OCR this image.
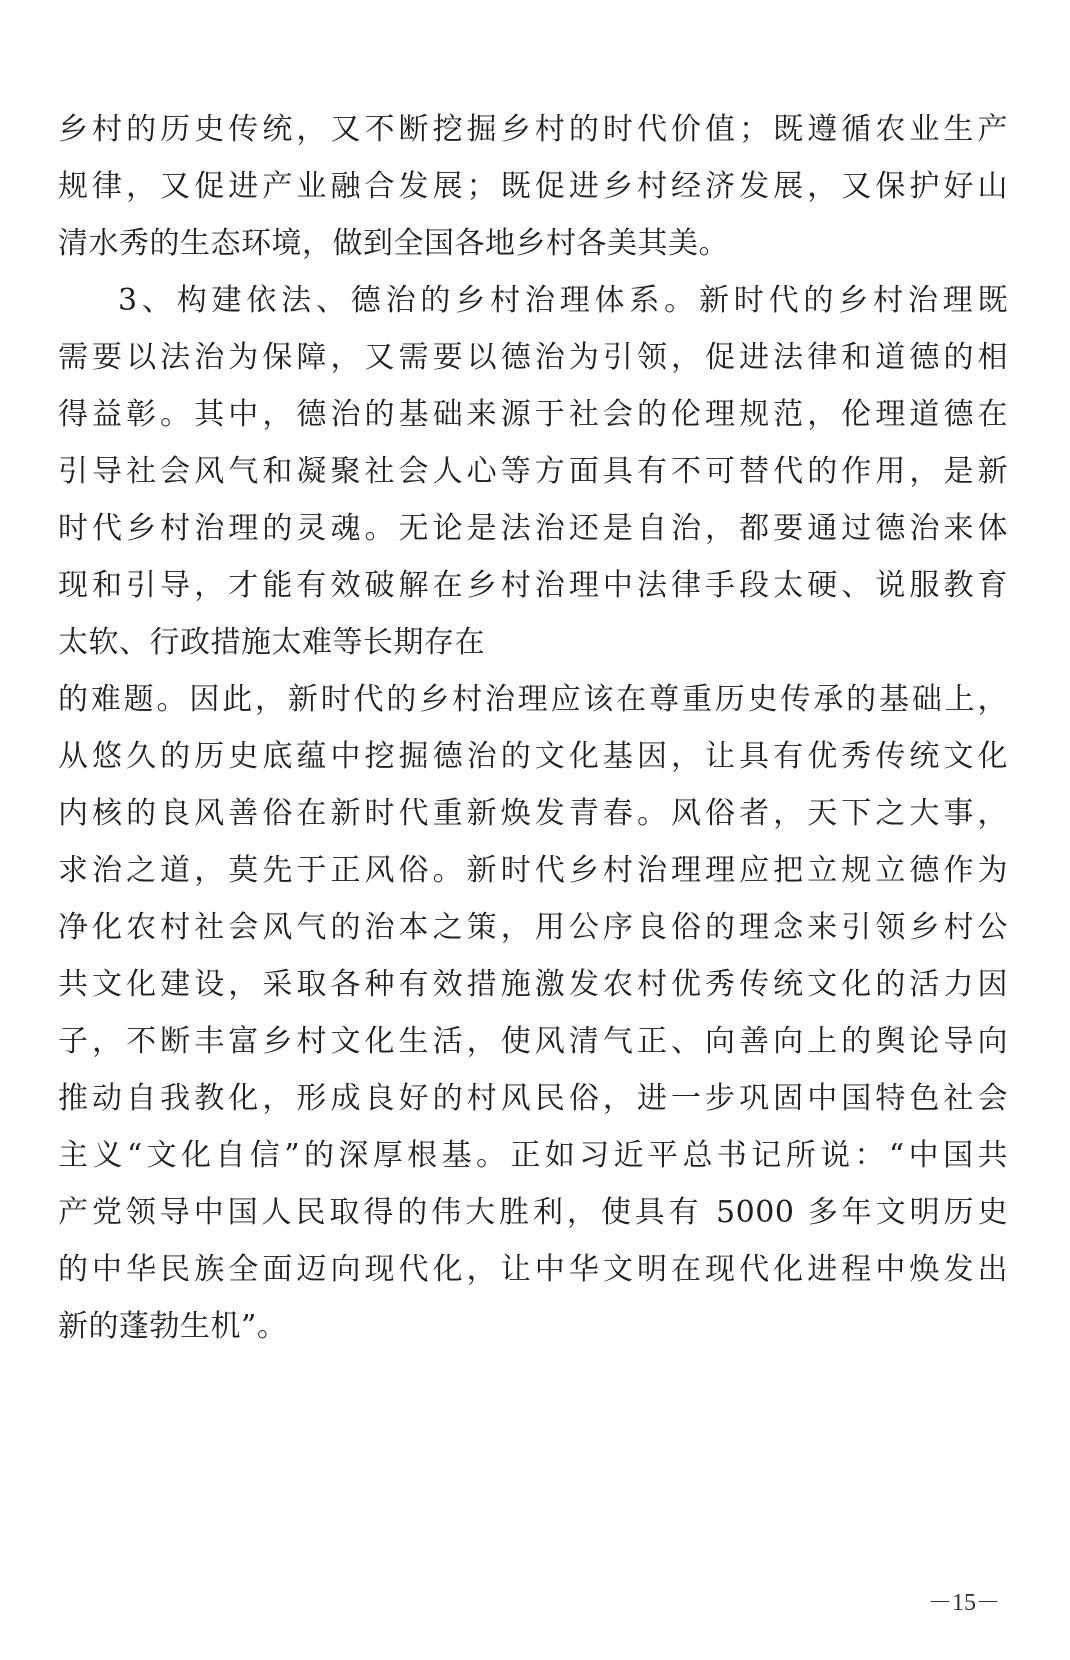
乡村的历史传统，又不断挖掘乡村的时代价值；既遵循农业生产
规律，又促进产业融合发展；既促进乡村经济发展，又保护好山
清水秀的生态环境，做到全国各地乡村各美其美。
3、构建依法、德治的乡村治理体系。新时代的乡村治理既
需要以法治为保障，又需要以德治为引领，促进法律和道德的相
得益彰。其中，德治的基础来源于社会的伦理规范，伦理道德在
引导社会风气和凝聚社会人心等方面具有不可替代的作用，是新
时代乡村治理的灵魂。无论是法治还是自治，都要通过德治来体
现和引导，才能有效破解在乡村治理中法律手段太硬、说服教育
太软、行政措施太难等长期存在
的难题。因此，新时代的乡村治理应该在尊重历史传承的基础上，
从悠久的历史底蕴中挖掘德治的文化基因，让具有优秀传统文化
内核的良风善俗在新时代重新焕发青春。风俗者，天下之大事，
求治之道，莫先于正风俗。新时代乡村治理理应把立规立德作为
净化农村社会风气的治本之策，用公序良俗的理念来引领乡村公
共文化建设，采取各种有效措施激发农村优秀传统文化的活力因
子，不断丰富乡村文化生活，使风清气正、向善向上的舆论导向
推动自我教化，形成良好的村风民俗，进一步巩固中国特色社会
主义“文化自信”的深厚根基。正如习近平总书记所说：“中国共
产党领导中国人民取得的伟大胜利，使具有 5000 多年文明历史
的中华民族全面迈向现代化，让中华文明在现代化进程中焕发出
新的蓬勃生机”。
－15－
